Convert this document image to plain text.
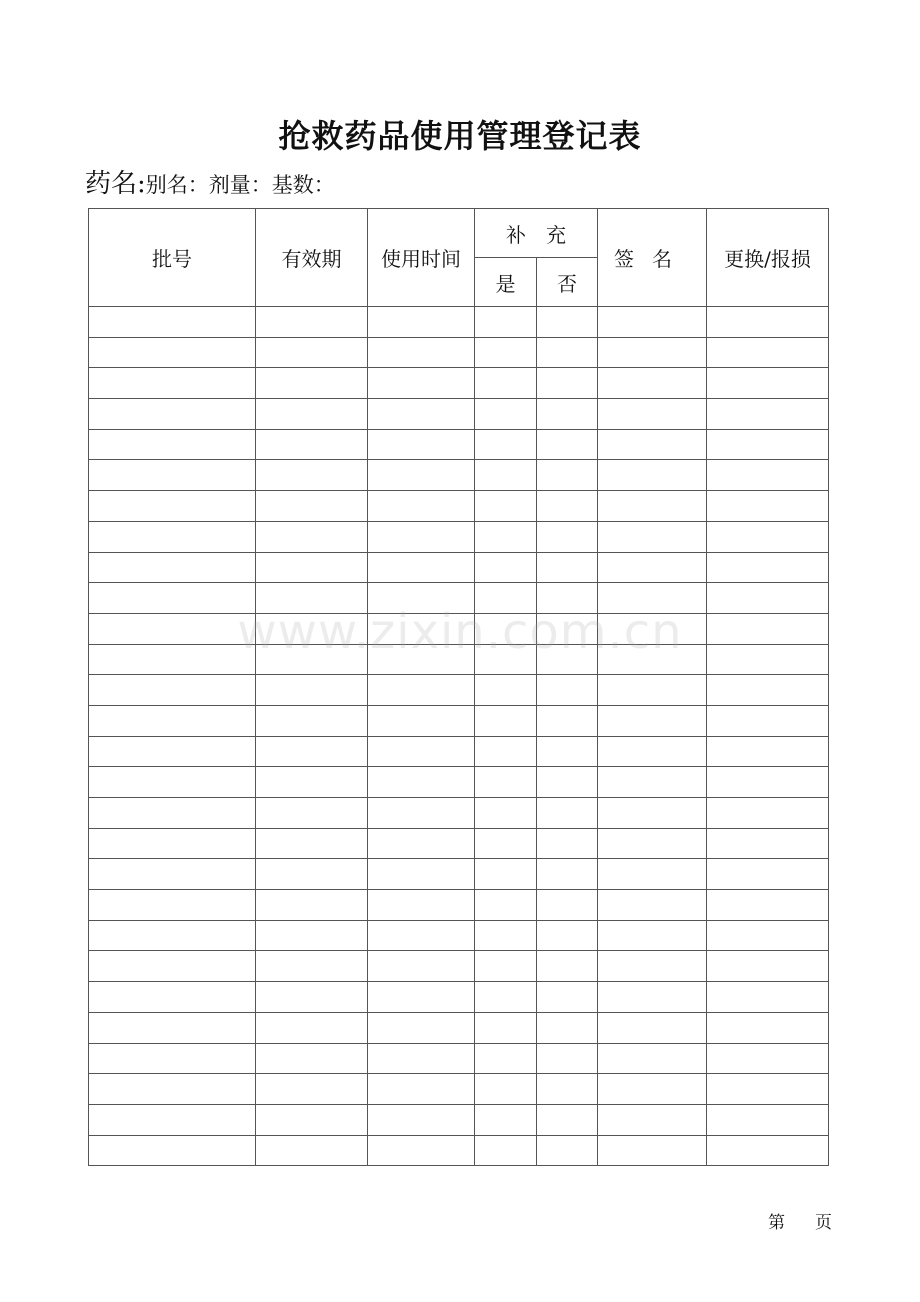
抢救药品使用管理登记表
药名:别名：剂量：基数：
批号	有效期	使用时间	补　充		签名	更换/报损
			是	否		

www.zixin.com.cn
第 页
